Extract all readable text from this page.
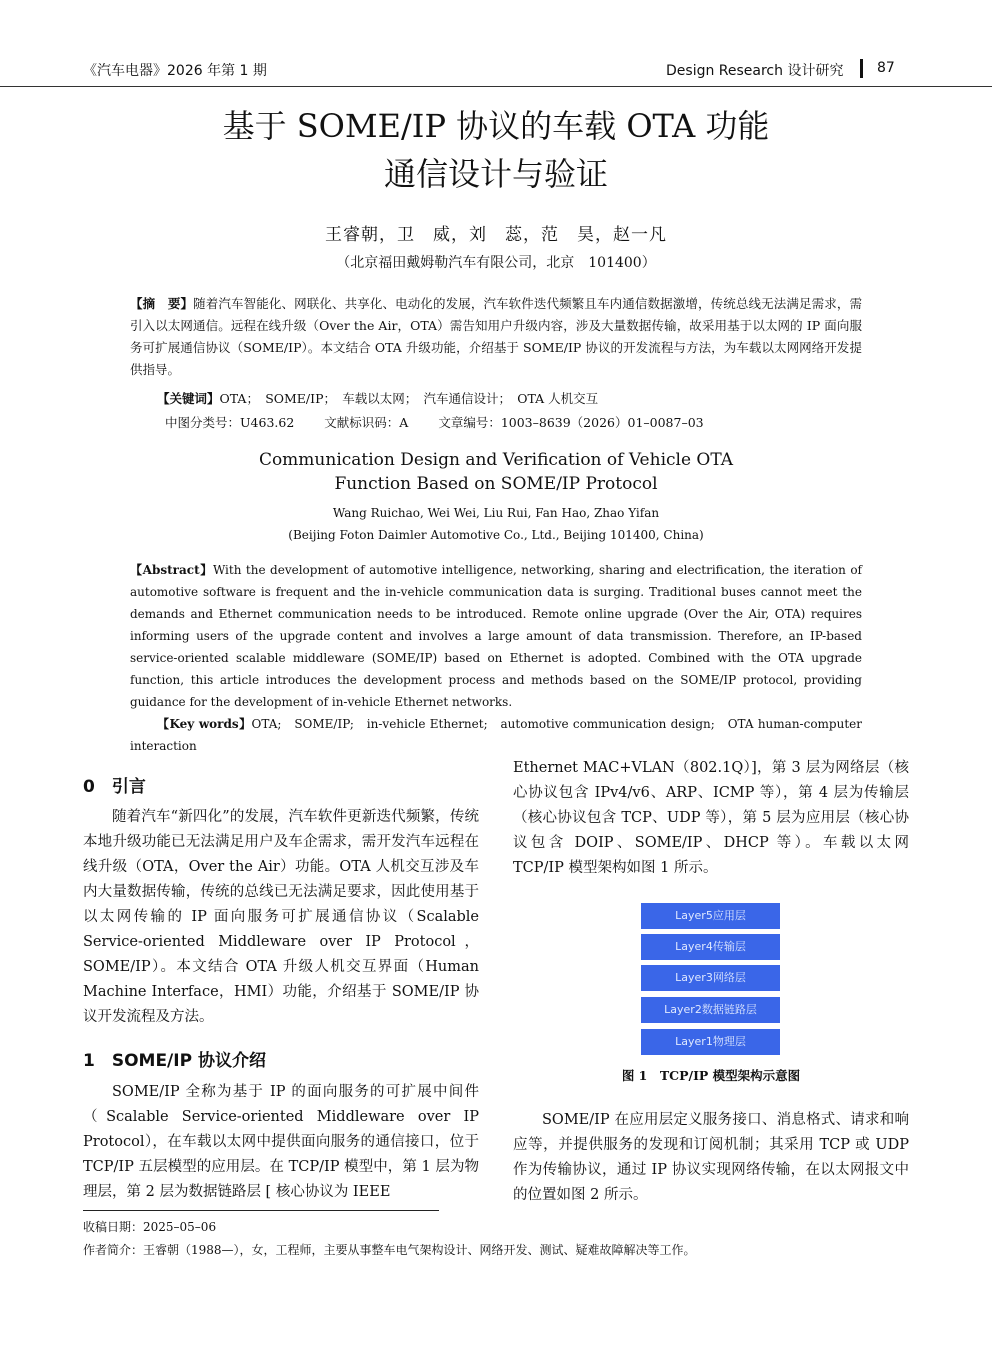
《汽车电器》2026 年第 1 期	Design Research 设计研究 87
基于 SOME/IP 协议的车载 OTA 功能
通信设计与验证
王睿朝，卫　威，刘　蕊，范　昊，赵一凡
（北京福田戴姆勒汽车有限公司，北京　101400）
【摘　要】随着汽车智能化、网联化、共享化、电动化的发展，汽车软件迭代频繁且车内通信数据激增，传统总线无法满足需求，需引入以太网通信。远程在线升级（Over the Air，OTA）需告知用户升级内容，涉及大量数据传输，故采用基于以太网的 IP 面向服务可扩展通信协议（SOME/IP）。本文结合 OTA 升级功能，介绍基于 SOME/IP 协议的开发流程与方法，为车载以太网网络开发提供指导。
【关键词】OTA；　SOME/IP；　车载以太网；　汽车通信设计；　OTA 人机交互
中图分类号：U463.62 文献标识码：A 文章编号：1003–8639（2026）01–0087–03
Communication Design and Verification of Vehicle OTA
Function Based on SOME/IP Protocol
Wang Ruichao, Wei Wei, Liu Rui, Fan Hao, Zhao Yifan
(Beijing Foton Daimler Automotive Co., Ltd., Beijing 101400, China)
【Abstract】With the development of automotive intelligence, networking, sharing and electrification, the iteration of automotive software is frequent and the in-vehicle communication data is surging. Traditional buses cannot meet the demands and Ethernet communication needs to be introduced. Remote online upgrade (Over the Air, OTA) requires informing users of the upgrade content and involves a large amount of data transmission. Therefore, an IP-based service-oriented scalable middleware (SOME/IP) based on Ethernet is adopted. Combined with the OTA upgrade function, this article introduces the development process and methods based on the SOME/IP protocol, providing guidance for the development of in-vehicle Ethernet networks.
【Key words】OTA;　SOME/IP;　in-vehicle Ethernet;　automotive communication design;　OTA human-computer interaction
0　引言
随着汽车“新四化”的发展，汽车软件更新迭代频繁，传统本地升级功能已无法满足用户及车企需求，需开发汽车远程在线升级（OTA，Over the Air）功能。OTA 人机交互涉及车内大量数据传输，传统的总线已无法满足要求，因此使用基于以太网传输的 IP 面向服务可扩展通信协议（Scalable Service-oriented Middleware over IP Protocol，SOME/IP）。本文结合 OTA 升级人机交互界面（Human Machine Interface，HMI）功能，介绍基于 SOME/IP 协议开发流程及方法。
1　SOME/IP 协议介绍
SOME/IP 全称为基于 IP 的面向服务的可扩展中间件（Scalable Service-oriented Middleware over IP Protocol），在车载以太网中提供面向服务的通信接口，位于 TCP/IP 五层模型的应用层。在 TCP/IP 模型中，第 1 层为物理层，第 2 层为数据链路层 [ 核心协议为 IEEE
Ethernet MAC+VLAN（802.1Q）]，第 3 层为网络层（核心协议包含 IPv4/v6、ARP、ICMP 等），第 4 层为传输层（核心协议包含 TCP、UDP 等），第 5 层为应用层（核心协议包含 DOIP、SOME/IP、DHCP 等）。车载以太网 TCP/IP 模型架构如图 1 所示。
Layer5应用层
Layer4传输层
Layer3网络层
Layer2数据链路层
Layer1物理层
图 1　TCP/IP 模型架构示意图
SOME/IP 在应用层定义服务接口、消息格式、请求和响应等，并提供服务的发现和订阅机制；其采用 TCP 或 UDP 作为传输协议，通过 IP 协议实现网络传输，在以太网报文中的位置如图 2 所示。
收稿日期：2025–05–06
作者简介：王睿朝（1988—），女，工程师，主要从事整车电气架构设计、网络开发、测试、疑难故障解决等工作。
